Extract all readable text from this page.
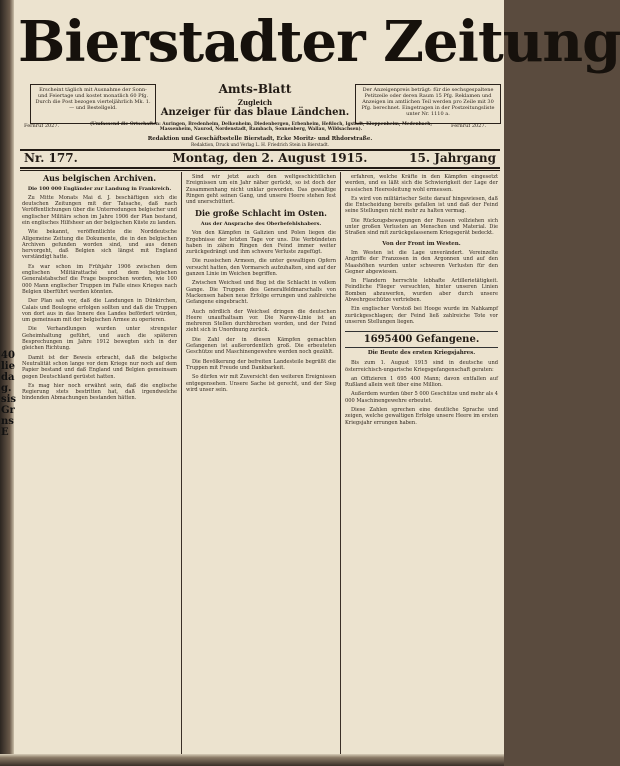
40
lie
da
g.
sis
Gr
ns
E
Bierstadter Zeitung
Erscheint täglich mit Ausnahme der Sonn- und Feiertage und kostet monatlich 60 Pfg. Durch die Post bezogen vierteljährlich Mk. 1.— und Bestellgeld.
Der Anzeigenpreis beträgt: für die sechsgespaltene Petitzeile oder deren Raum 15 Pfg. Reklamen und Anzeigen im amtlichen Teil werden pro Zeile mit 30 Pfg. berechnet. Eingetragen in der Postzeitungsliste unter Nr. 1110 a.
Amts-Blatt
Zugleich
Anzeiger für das blaue Ländchen.
Fernruf 2027.	Fernruf 2027.
(Umfassend die Ortschaften: Auringen, Bredenheim, Delkenheim, Diedenbergen, Erbenheim, Heßloch, Igstadt, Kloppenheim, Medenbach, Massenheim, Naurod, Nordenstadt, Rambach, Sonnenberg, Wallau, Wildsachsen).
Redaktion und Geschäftsstelle Bierstadt, Ecke Moritz- und Rhdorstraße.
Redaktion, Druck und Verlag L. H. Friedrich Stein in Bierstadt.
Nr. 177.	Montag, den 2. August 1915.	15. Jahrgang
Aus belgischen Archiven.
Die 100 000 Engländer zur Landung in Frankreich.

Zu Mitte Monats Mai d. J. beschäftigen sich die deutschen Zeitungen mit der Tatsache, daß nach Veröffentlichungen über die Unterredungen belgischer und englischer Militärs schon im Jahre 1906 der Plan bestand, ein englisches Hilfsheer an der belgischen Küste zu landen.

Wie bekannt, veröffentlichte die Norddeutsche Allgemeine Zeitung die Dokumente, die in den belgischen Archiven gefunden worden sind, und aus denen hervorgeht, daß Belgien sich längst mit England verständigt hatte.

Es war schon im Frühjahr 1906 zwischen dem englischen Militärattaché und dem belgischen Generalstabschef die Frage besprochen worden, wie 100 000 Mann englischer Truppen im Falle eines Krieges nach Belgien überführt werden könnten.

Der Plan sah vor, daß die Landungen in Dünkirchen, Calais und Boulogne erfolgen sollten und daß die Truppen von dort aus in das Innere des Landes befördert würden, um gemeinsam mit der belgischen Armee zu operieren.

Die Verhandlungen wurden unter strengster Geheimhaltung geführt, und auch die späteren Besprechungen im Jahre 1912 bewegten sich in der gleichen Richtung.

Damit ist der Beweis erbracht, daß die belgische Neutralität schon lange vor dem Kriege nur noch auf dem Papier bestand und daß England und Belgien gemeinsam gegen Deutschland gerüstet hatten.

Es mag hier noch erwähnt sein, daß die englische Regierung stets bestritten hat, daß irgendwelche bindenden Abmachungen bestanden hätten.

Sind wir jetzt auch den weltgeschichtlichen Ereignissen um ein Jahr näher gerückt, so ist doch der Zusammenhang nicht unklar geworden. Das gewaltige Ringen geht seinen Gang, und unsere Heere stehen fest und unerschüttert.

Die große Schlacht im Osten.
Aus der Ansprache des Oberbefehlshabers.

Von den Kämpfen in Galizien und Polen liegen die Ergebnisse der letzten Tage vor uns. Die Verbündeten haben in zähem Ringen den Feind immer weiter zurückgedrängt und ihm schwere Verluste zugefügt.

Die russischen Armeen, die unter gewaltigen Opfern versucht hatten, den Vormarsch aufzuhalten, sind auf der ganzen Linie im Weichen begriffen.

Zwischen Weichsel und Bug ist die Schlacht in vollem Gange. Die Truppen des Generalfeldmarschalls von Mackensen haben neue Erfolge errungen und zahlreiche Gefangene eingebracht.

Auch nördlich der Weichsel dringen die deutschen Heere unaufhaltsam vor. Die Narew-Linie ist an mehreren Stellen durchbrochen worden, und der Feind zieht sich in Unordnung zurück.

Die Zahl der in diesen Kämpfen gemachten Gefangenen ist außerordentlich groß. Die erbeuteten Geschütze und Maschinengewehre werden noch gezählt.

Die Bevölkerung der befreiten Landesteile begrüßt die Truppen mit Freude und Dankbarkeit.

So dürfen wir mit Zuversicht den weiteren Ereignissen entgegensehen. Unsere Sache ist gerecht, und der Sieg wird unser sein.

erfahren, welche Kräfte in den Kämpfen eingesetzt werden, und es läßt sich die Schwierigkeit der Lage der russischen Heeresleitung wohl ermessen.

Es wird von militärischer Seite darauf hingewiesen, daß die Entscheidung bereits gefallen ist und daß der Feind seine Stellungen nicht mehr zu halten vermag.

Die Rückzugsbewegungen der Russen vollziehen sich unter großen Verlusten an Menschen und Material. Die Straßen sind mit zurückgelassenem Kriegsgerät bedeckt.

Von der Front im Westen.

Im Westen ist die Lage unverändert. Vereinzelte Angriffe der Franzosen in den Argonnen und auf den Maashöhen wurden unter schweren Verlusten für den Gegner abgewiesen.

In Flandern herrschte lebhafte Artillerietätigkeit. Feindliche Flieger versuchten, hinter unseren Linien Bomben abzuwerfen, wurden aber durch unsere Abwehrgeschütze vertrieben.

Ein englischer Vorstoß bei Hooge wurde im Nahkampf zurückgeschlagen; der Feind ließ zahlreiche Tote vor unseren Stellungen liegen.

1695400 Gefangene.
Die Beute des ersten Kriegsjahres.

Bis zum 1. August 1915 sind in deutsche und österreichisch-ungarische Kriegsgefangenschaft geraten:

an Offizieren 1 695 400 Mann; davon entfallen auf Rußland allein weit über eine Million.

Außerdem wurden über 5 000 Geschütze und mehr als 4 000 Maschinengewehre erbeutet.

Diese Zahlen sprechen eine deutliche Sprache und zeigen, welche gewaltigen Erfolge unsere Heere im ersten Kriegsjahr errungen haben.
